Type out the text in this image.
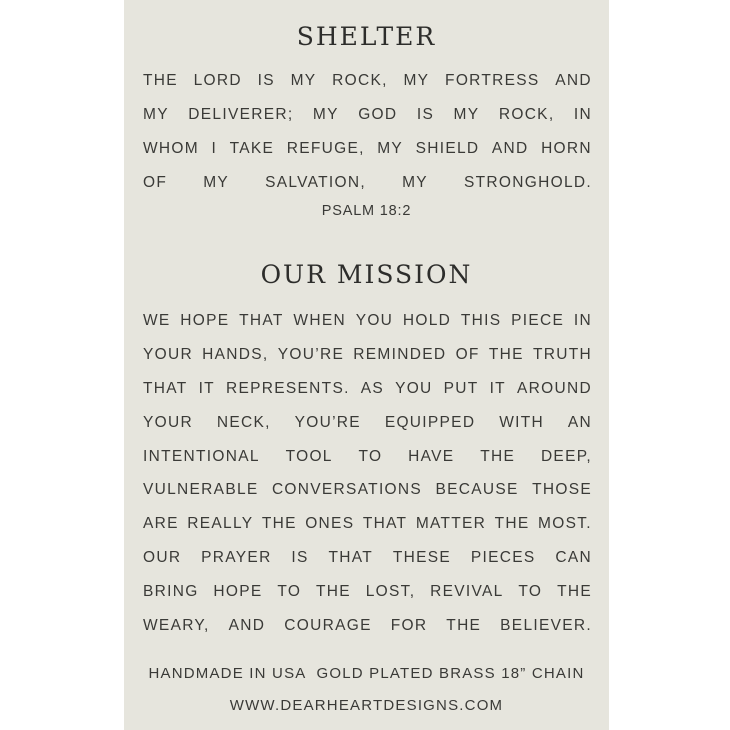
SHELTER
THE LORD IS MY ROCK, MY FORTRESS AND
MY DELIVERER; MY GOD IS MY ROCK, IN
WHOM I TAKE REFUGE, MY SHIELD AND HORN
OF MY SALVATION, MY STRONGHOLD.
PSALM 18:2
OUR MISSION
WE HOPE THAT WHEN YOU HOLD THIS PIECE IN
YOUR HANDS, YOU’RE REMINDED OF THE TRUTH
THAT IT REPRESENTS. AS YOU PUT IT AROUND
YOUR NECK, YOU’RE EQUIPPED WITH AN
INTENTIONAL TOOL TO HAVE THE DEEP,
VULNERABLE CONVERSATIONS BECAUSE THOSE
ARE REALLY THE ONES THAT MATTER THE MOST.
OUR PRAYER IS THAT THESE PIECES CAN
BRING HOPE TO THE LOST, REVIVAL TO THE
WEARY, AND COURAGE FOR THE BELIEVER.
HANDMADE IN USA GOLD PLATED BRASS 18” CHAIN
WWW.DEARHEARTDESIGNS.COM
